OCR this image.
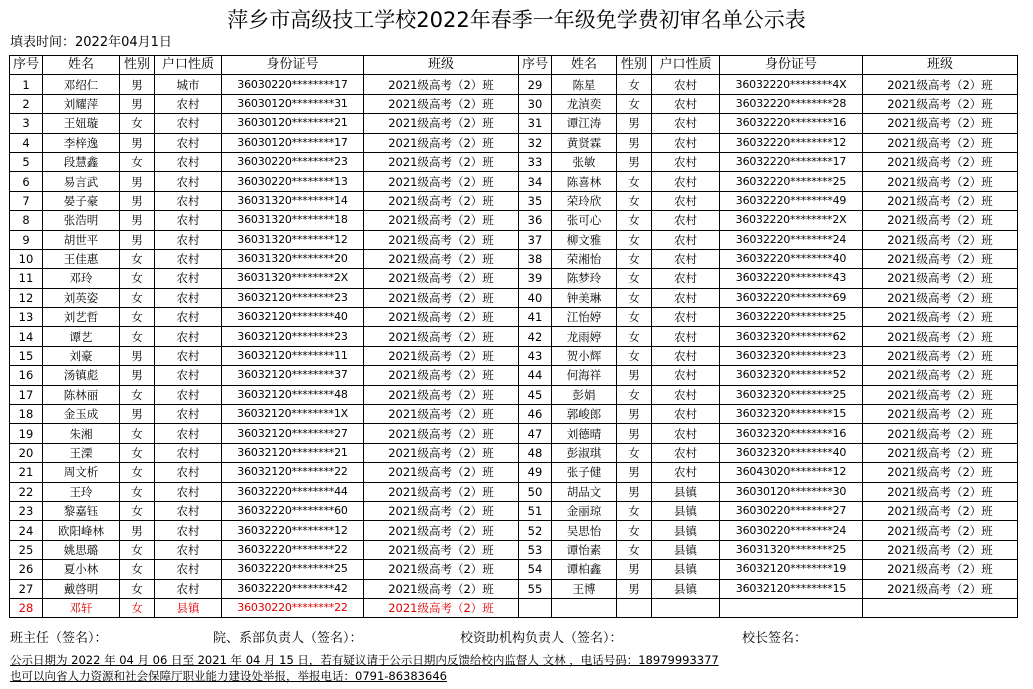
萍乡市高级技工学校2022年春季一年级免学费初审名单公示表
填表时间：2022年04月1日
序号	姓名	性别	户口性质	身份证号	班级	序号	姓名	性别	户口性质	身份证号	班级
1	邓绍仁	男	城市	36030220********17	2021级高考（2）班	29	陈星	女	农村	36032220********4X	2021级高考（2）班
2	刘耀萍	男	农村	36030120********31	2021级高考（2）班	30	龙湞奕	女	农村	36032220********28	2021级高考（2）班
3	王妞璇	女	农村	36030120********21	2021级高考（2）班	31	谭江涛	男	农村	36032220********16	2021级高考（2）班
4	李梓逸	男	农村	36030120********17	2021级高考（2）班	32	黄贤霖	男	农村	36032220********12	2021级高考（2）班
5	段慧鑫	女	农村	36030220********23	2021级高考（2）班	33	张敏	男	农村	36032220********17	2021级高考（2）班
6	易言武	男	农村	36030220********13	2021级高考（2）班	34	陈喜林	女	农村	36032220********25	2021级高考（2）班
7	晏子豪	男	农村	36031320********14	2021级高考（2）班	35	荣玲欣	女	农村	36032220********49	2021级高考（2）班
8	张浩明	男	农村	36031320********18	2021级高考（2）班	36	张可心	女	农村	36032220********2X	2021级高考（2）班
9	胡世平	男	农村	36031320********12	2021级高考（2）班	37	柳文雅	女	农村	36032220********24	2021级高考（2）班
10	王佳惠	女	农村	36031320********20	2021级高考（2）班	38	荣湘怡	女	农村	36032220********40	2021级高考（2）班
11	邓玲	女	农村	36031320********2X	2021级高考（2）班	39	陈梦玲	女	农村	36032220********43	2021级高考（2）班
12	刘英姿	女	农村	36032120********23	2021级高考（2）班	40	钟美琳	女	农村	36032220********69	2021级高考（2）班
13	刘艺哲	女	农村	36032120********40	2021级高考（2）班	41	江怡婷	女	农村	36032220********25	2021级高考（2）班
14	谭艺	女	农村	36032120********23	2021级高考（2）班	42	龙雨婷	女	农村	36032320********62	2021级高考（2）班
15	刘豪	男	农村	36032120********11	2021级高考（2）班	43	贺小辉	女	农村	36032320********23	2021级高考（2）班
16	汤镇彪	男	农村	36032120********37	2021级高考（2）班	44	何海祥	男	农村	36032320********52	2021级高考（2）班
17	陈林丽	女	农村	36032120********48	2021级高考（2）班	45	彭娟	女	农村	36032320********25	2021级高考（2）班
18	金玉成	男	农村	36032120********1X	2021级高考（2）班	46	郭峻郎	男	农村	36032320********15	2021级高考（2）班
19	朱湘	女	农村	36032120********27	2021级高考（2）班	47	刘德晴	男	农村	36032320********16	2021级高考（2）班
20	王溧	女	农村	36032120********21	2021级高考（2）班	48	彭淑琪	女	农村	36032320********40	2021级高考（2）班
21	周文析	女	农村	36032120********22	2021级高考（2）班	49	张子健	男	农村	36043020********12	2021级高考（2）班
22	王玲	女	农村	36032220********44	2021级高考（2）班	50	胡品文	男	县镇	36030120********30	2021级高考（2）班
23	黎嘉钰	女	农村	36032220********60	2021级高考（2）班	51	金丽琼	女	县镇	36030220********27	2021级高考（2）班
24	欧阳峰林	男	农村	36032220********12	2021级高考（2）班	52	吴思怡	女	县镇	36030220********24	2021级高考（2）班
25	姚思璐	女	农村	36032220********22	2021级高考（2）班	53	谭怡素	女	县镇	36031320********25	2021级高考（2）班
26	夏小林	女	农村	36032220********25	2021级高考（2）班	54	谭柏鑫	男	县镇	36032120********19	2021级高考（2）班
27	戴啓明	女	农村	36032220********42	2021级高考（2）班	55	王博	男	县镇	36032120********15	2021级高考（2）班
28	邓轩	女	县镇	36030220********22	2021级高考（2）班						
班主任（签名）：	院、系部负责人（签名）：	校资助机构负责人（签名）：	校长签名：
公示日期为 2022 年 04 月 06 日至 2021 年 04 月 15 日，若有疑议请于公示日期内反馈给校内监督人 文林 ，电话号码：18979993377
也可以向省人力资源和社会保障厅职业能力建设处举报，举报电话：0791-86383646
